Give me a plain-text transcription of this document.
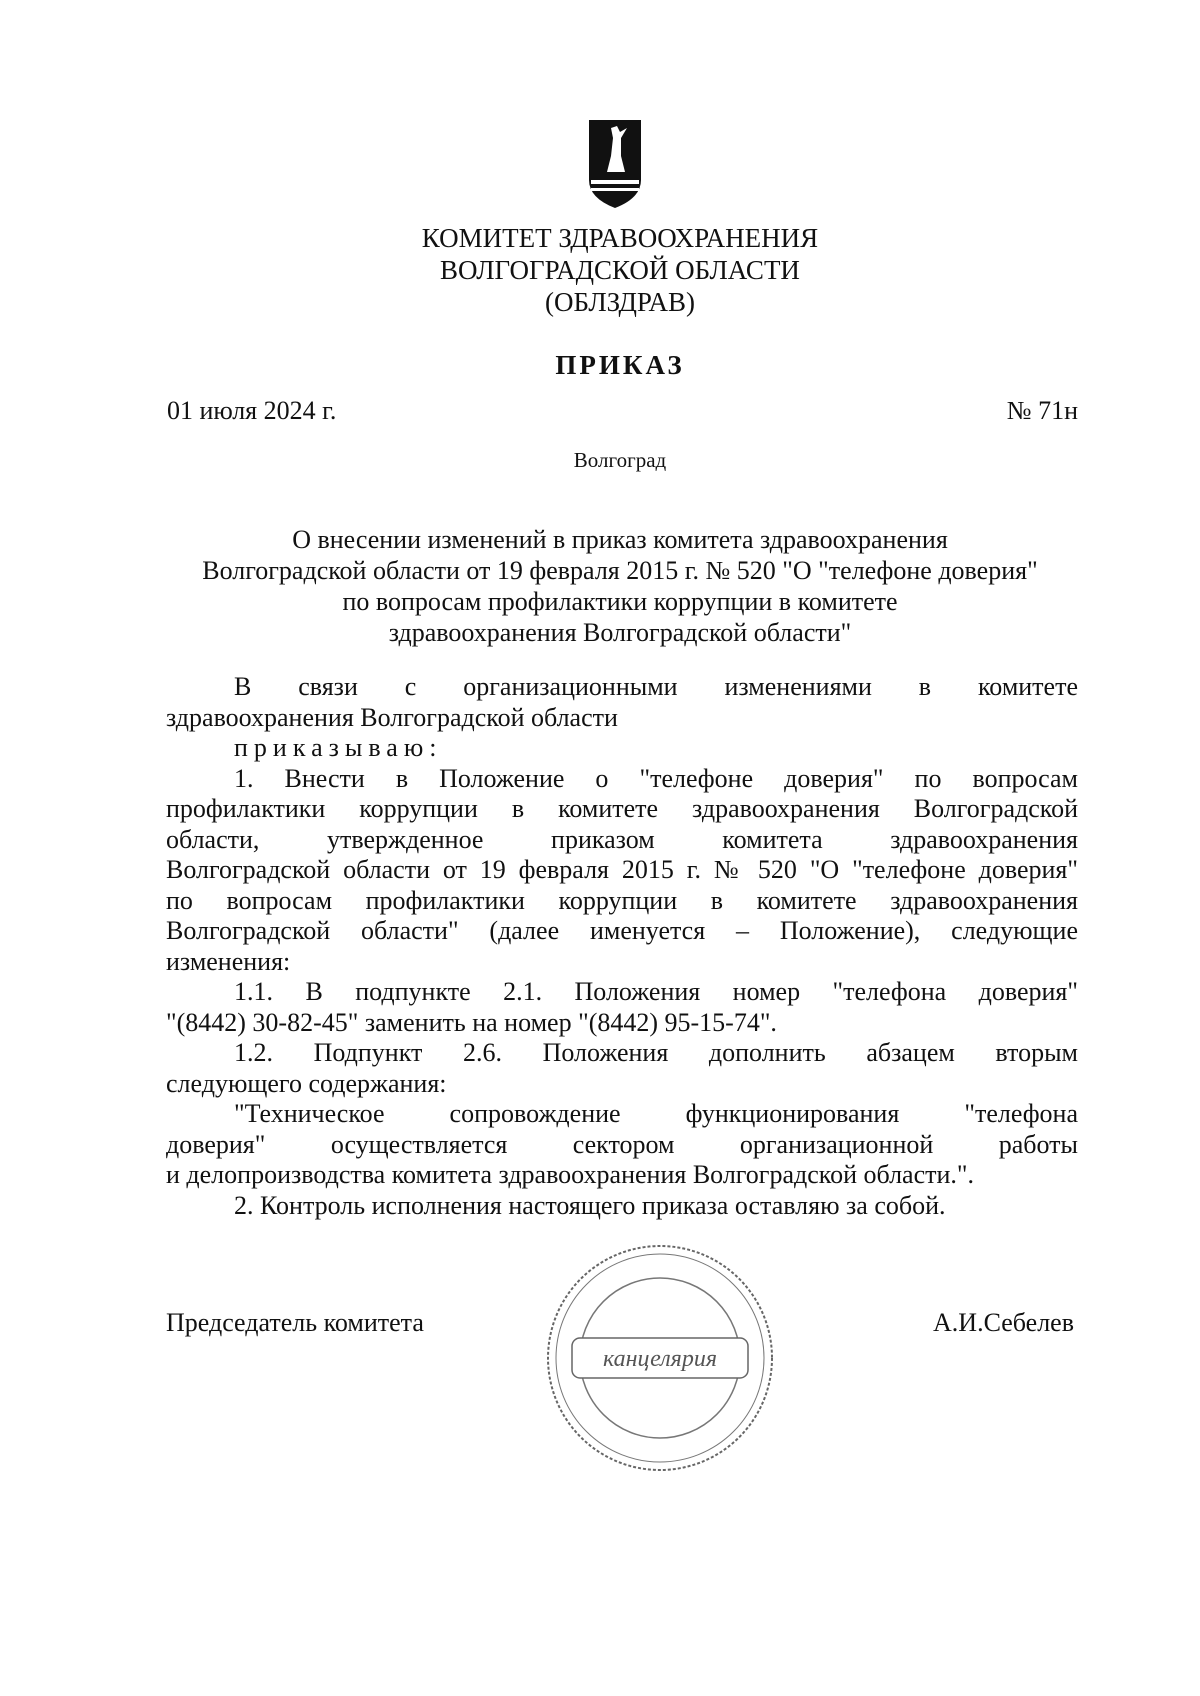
КОМИТЕТ ЗДРАВООХРАНЕНИЯ
ВОЛГОГРАДСКОЙ ОБЛАСТИ
(ОБЛЗДРАВ)
ПРИКАЗ
01 июля 2024 г.	№ 71н
Волгоград
О внесении изменений в приказ комитета здравоохранения
Волгоградской области от 19 февраля 2015 г. № 520 "О "телефоне доверия"
по вопросам профилактики коррупции в комитете
здравоохранения Волгоградской области"
В связи с организационными изменениями в комитете
здравоохранения Волгоградской области
приказываю:
1. Внести в Положение о "телефоне доверия" по вопросам
профилактики коррупции в комитете здравоохранения Волгоградской
области, утвержденное приказом комитета здравоохранения
Волгоградской области от 19 февраля 2015 г. № 520 "О "телефоне доверия"
по вопросам профилактики коррупции в комитете здравоохранения
Волгоградской области" (далее именуется – Положение), следующие
изменения:
1.1. В подпункте 2.1. Положения номер "телефона доверия"
"(8442) 30-82-45" заменить на номер "(8442) 95-15-74".
1.2. Подпункт 2.6. Положения дополнить абзацем вторым
следующего содержания:
"Техническое сопровождение функционирования "телефона
доверия" осуществляется сектором организационной работы
и делопроизводства комитета здравоохранения Волгоградской области.".
2. Контроль исполнения настоящего приказа оставляю за собой.
Председатель комитета	А.И.Себелев
канцелярия
